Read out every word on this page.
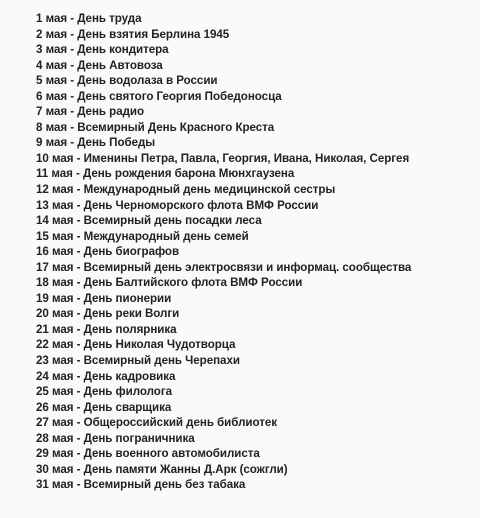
1 мая - День труда
2 мая - День взятия Берлина 1945
3 мая - День кондитера
4 мая - День Автовоза
5 мая - День водолаза в России
6 мая - День святого Георгия Победоносца
7 мая - День радио
8 мая - Всемирный День Красного Креста
9 мая - День Победы
10 мая - Именины Петра, Павла, Георгия, Ивана, Николая, Сергея
11 мая - День рождения барона Мюнхгаузена
12 мая - Международный день медицинской сестры
13 мая - День Черноморского флота ВМФ России
14 мая - Всемирный день посадки леса
15 мая - Международный день семей
16 мая - День биографов
17 мая - Всемирный день электросвязи и информац. сообщества
18 мая - День Балтийского флота ВМФ России
19 мая - День пионерии
20 мая - День реки Волги
21 мая - День полярника
22 мая - День Николая Чудотворца
23 мая - Всемирный день Черепахи
24 мая - День кадровика
25 мая - День филолога
26 мая - День сварщика
27 мая - Общероссийский день библиотек
28 мая - День пограничника
29 мая - День военного автомобилиста
30 мая - День памяти Жанны Д.Арк (сожгли)
31 мая - Всемирный день без табака
